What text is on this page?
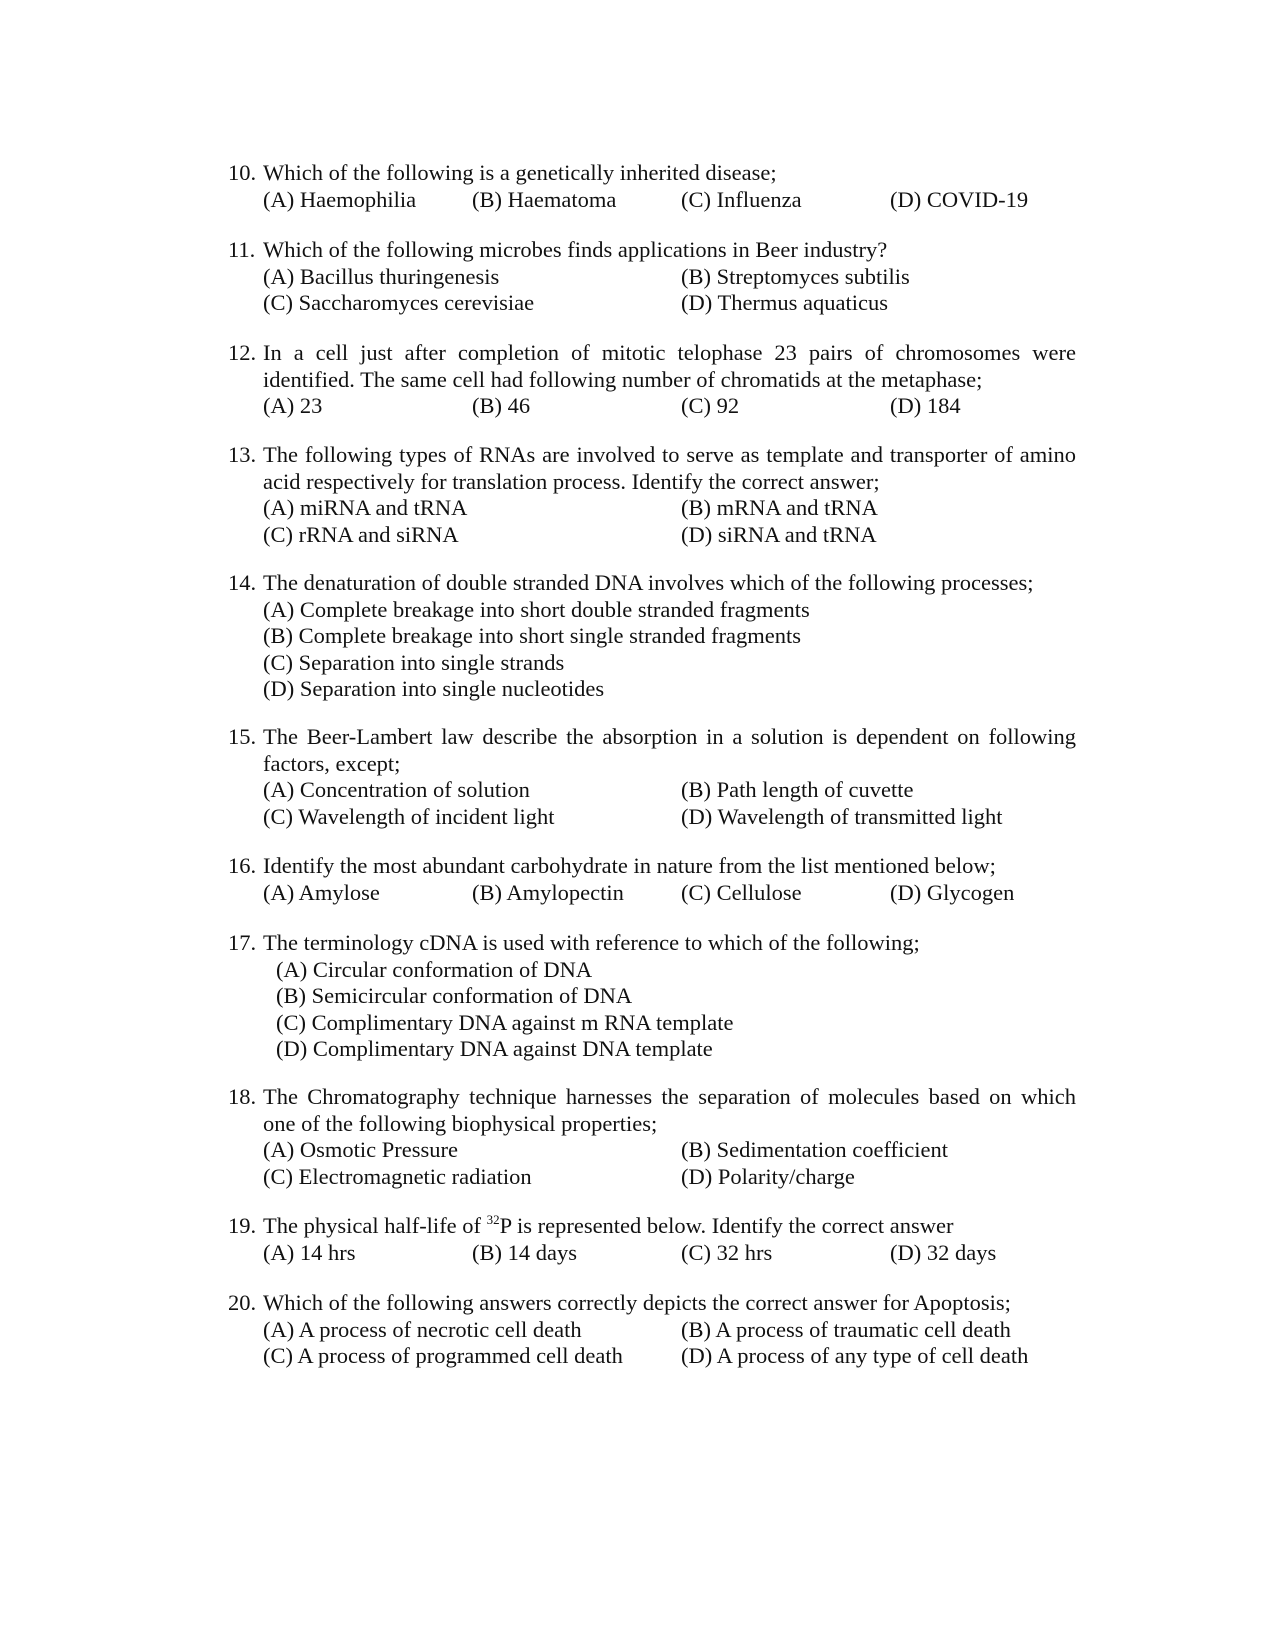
10. Which of the following is a genetically inherited disease;
(A) Haemophilia	(B) Haematoma	(C) Influenza	(D) COVID-19
11. Which of the following microbes finds applications in Beer industry?
(A) Bacillus thuringenesis	(B) Streptomyces subtilis
(C) Saccharomyces cerevisiae	(D) Thermus aquaticus
12. In a cell just after completion of mitotic telophase 23 pairs of chromosomes were identified. The same cell had following number of chromatids at the metaphase;
(A) 23	(B) 46	(C) 92	(D) 184
13. The following types of RNAs are involved to serve as template and transporter of amino acid respectively for translation process. Identify the correct answer;
(A) miRNA and tRNA	(B) mRNA and tRNA
(C) rRNA and siRNA	(D) siRNA and tRNA
14. The denaturation of double stranded DNA involves which of the following processes;
(A) Complete breakage into short double stranded fragments
(B) Complete breakage into short single stranded fragments
(C) Separation into single strands
(D) Separation into single nucleotides
15. The Beer-Lambert law describe the absorption in a solution is dependent on following factors, except;
(A) Concentration of solution	(B) Path length of cuvette
(C) Wavelength of incident light	(D) Wavelength of transmitted light
16. Identify the most abundant carbohydrate in nature from the list mentioned below;
(A) Amylose	(B) Amylopectin	(C) Cellulose	(D) Glycogen
17. The terminology cDNA is used with reference to which of the following;
(A) Circular conformation of DNA
(B) Semicircular conformation of DNA
(C) Complimentary DNA against m RNA template
(D) Complimentary DNA against DNA template
18. The Chromatography technique harnesses the separation of molecules based on which one of the following biophysical properties;
(A) Osmotic Pressure	(B) Sedimentation coefficient
(C) Electromagnetic radiation	(D) Polarity/charge
19. The physical half-life of $^{32}$P is represented below. Identify the correct answer
(A) 14 hrs	(B) 14 days	(C) 32 hrs	(D) 32 days
20. Which of the following answers correctly depicts the correct answer for Apoptosis;
(A) A process of necrotic cell death	(B) A process of traumatic cell death
(C) A process of programmed cell death	(D) A process of any type of cell death
